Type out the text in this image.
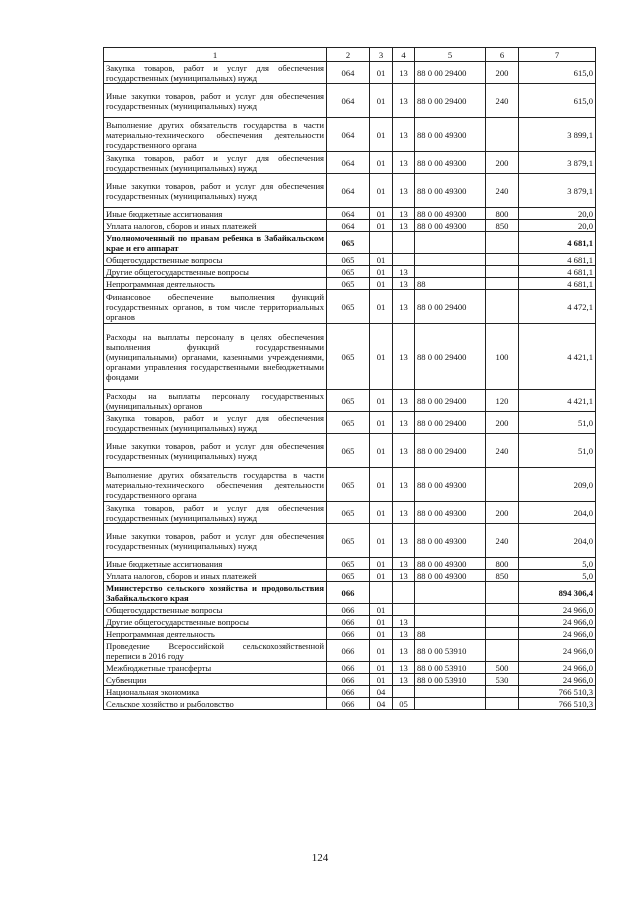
1	2	3	4	5	6	7
Закупка товаров, работ и услуг для обеспечения государственных (муниципальных) нужд	064	01	13	88 0 00 29400	200	615,0
Иные закупки товаров, работ и услуг для обеспечения государственных (муниципальных) нужд	064	01	13	88 0 00 29400	240	615,0
Выполнение других обязательств государства в части материально-технического обеспечения деятельности государственного органа	064	01	13	88 0 00 49300		3 899,1
Закупка товаров, работ и услуг для обеспечения государственных (муниципальных) нужд	064	01	13	88 0 00 49300	200	3 879,1
Иные закупки товаров, работ и услуг для обеспечения государственных (муниципальных) нужд	064	01	13	88 0 00 49300	240	3 879,1
Иные бюджетные ассигнования	064	01	13	88 0 00 49300	800	20,0
Уплата налогов, сборов и иных платежей	064	01	13	88 0 00 49300	850	20,0
Уполномоченный по правам ребенка в Забайкальском крае и его аппарат	065					4 681,1
Общегосударственные вопросы	065	01				4 681,1
Другие общегосударственные вопросы	065	01	13			4 681,1
Непрограммная деятельность	065	01	13	88		4 681,1
Финансовое обеспечение выполнения функций государственных органов, в том числе территориальных органов	065	01	13	88 0 00 29400		4 472,1
Расходы на выплаты персоналу в целях обеспечения выполнения функций государственными (муниципальными) органами, казенными учреждениями, органами управления государственными внебюджетными фондами	065	01	13	88 0 00 29400	100	4 421,1
Расходы на выплаты персоналу государственных (муниципальных) органов	065	01	13	88 0 00 29400	120	4 421,1
Закупка товаров, работ и услуг для обеспечения государственных (муниципальных) нужд	065	01	13	88 0 00 29400	200	51,0
Иные закупки товаров, работ и услуг для обеспечения государственных (муниципальных) нужд	065	01	13	88 0 00 29400	240	51,0
Выполнение других обязательств государства в части материально-технического обеспечения деятельности государственного органа	065	01	13	88 0 00 49300		209,0
Закупка товаров, работ и услуг для обеспечения государственных (муниципальных) нужд	065	01	13	88 0 00 49300	200	204,0
Иные закупки товаров, работ и услуг для обеспечения государственных (муниципальных) нужд	065	01	13	88 0 00 49300	240	204,0
Иные бюджетные ассигнования	065	01	13	88 0 00 49300	800	5,0
Уплата налогов, сборов и иных платежей	065	01	13	88 0 00 49300	850	5,0
Министерство сельского хозяйства и продовольствия Забайкальского края	066					894 306,4
Общегосударственные вопросы	066	01				24 966,0
Другие общегосударственные вопросы	066	01	13			24 966,0
Непрограммная деятельность	066	01	13	88		24 966,0
Проведение Всероссийской сельскохозяйственной переписи в 2016 году	066	01	13	88 0 00 53910		24 966,0
Межбюджетные трансферты	066	01	13	88 0 00 53910	500	24 966,0
Субвенции	066	01	13	88 0 00 53910	530	24 966,0
Национальная экономика	066	04				766 510,3
Сельское хозяйство и рыболовство	066	04	05			766 510,3
124
